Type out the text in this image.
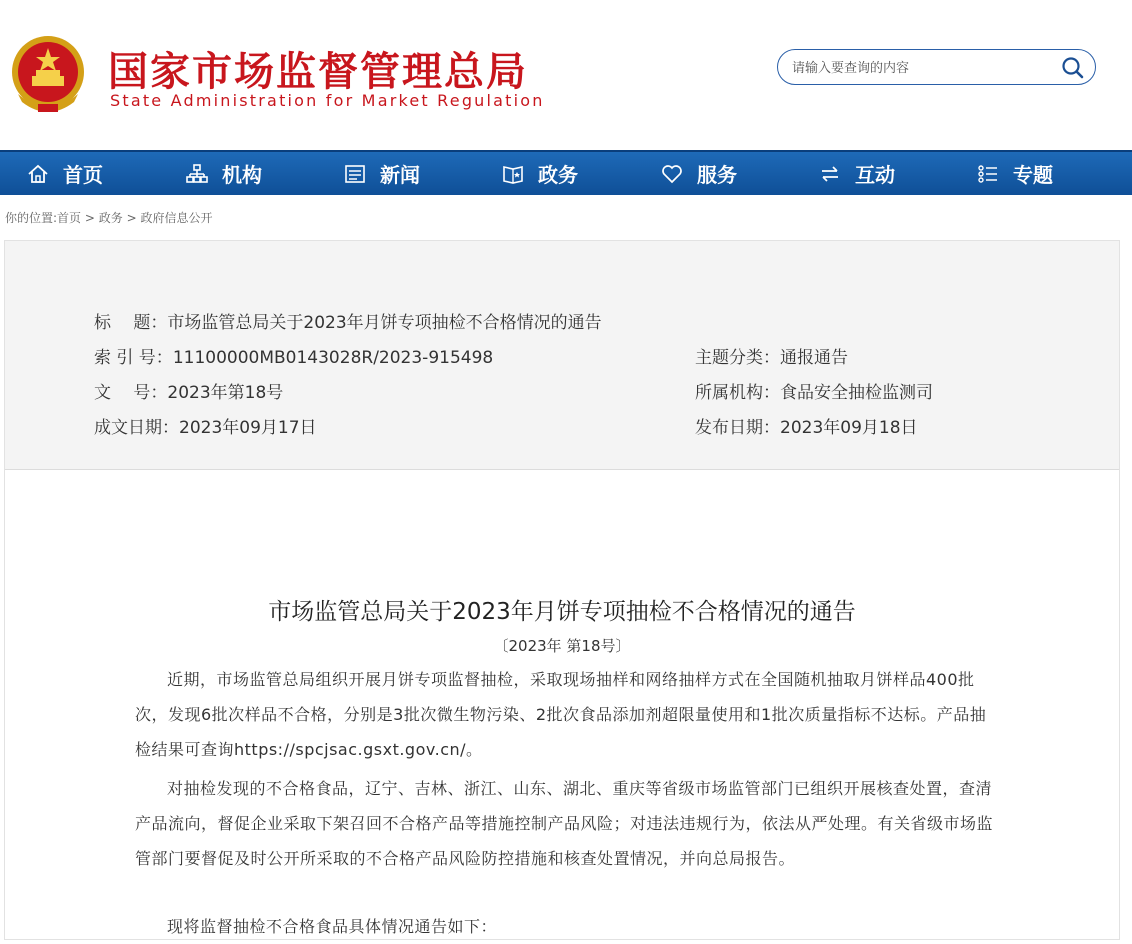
国家市场监督管理总局
State Administration for Market Regulation
请输入要查询的内容
首页	机构	新闻	政务	服务	互动	专题
你的位置:首页 > 政务 > 政府信息公开
标　 题：市场监管总局关于2023年月饼专项抽检不合格情况的通告
索 引 号：11100000MB0143028R/2023-915498	主题分类：通报通告
文　 号：2023年第18号	所属机构：食品安全抽检监测司
成文日期：2023年09月17日	发布日期：2023年09月18日
市场监管总局关于2023年月饼专项抽检不合格情况的通告
〔2023年 第18号〕

近期，市场监管总局组织开展月饼专项监督抽检，采取现场抽样和网络抽样方式在全国随机抽取月饼样品400批次，发现6批次样品不合格，分别是3批次微生物污染、2批次食品添加剂超限量使用和1批次质量指标不达标。产品抽检结果可查询https://spcjsac.gsxt.gov.cn/。

对抽检发现的不合格食品，辽宁、吉林、浙江、山东、湖北、重庆等省级市场监管部门已组织开展核查处置，查清产品流向，督促企业采取下架召回不合格产品等措施控制产品风险；对违法违规行为，依法从严处理。有关省级市场监管部门要督促及时公开所采取的不合格产品风险防控措施和核查处置情况，并向总局报告。

现将监督抽检不合格食品具体情况通告如下：
